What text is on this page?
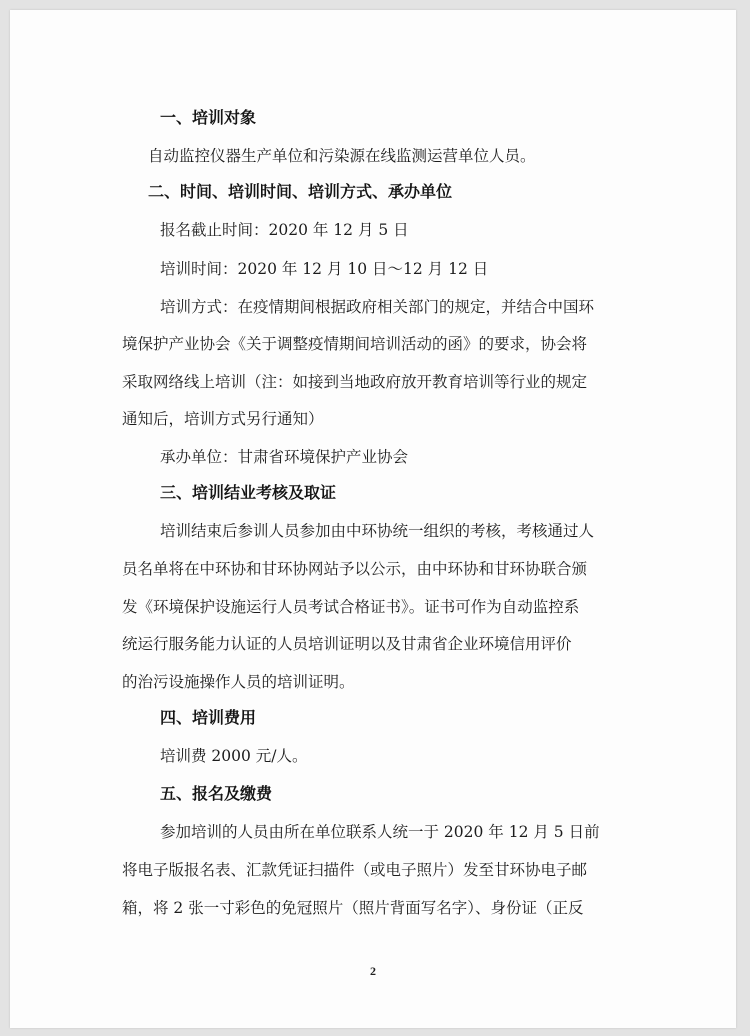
一、培训对象
自动监控仪器生产单位和污染源在线监测运营单位人员。
二、时间、培训时间、培训方式、承办单位
报名截止时间：2020 年 12 月 5 日
培训时间：2020 年 12 月 10 日～12 月 12 日
培训方式：在疫情期间根据政府相关部门的规定，并结合中国环
境保护产业协会《关于调整疫情期间培训活动的函》的要求，协会将
采取网络线上培训（注：如接到当地政府放开教育培训等行业的规定
通知后，培训方式另行通知）
承办单位：甘肃省环境保护产业协会
三、培训结业考核及取证
培训结束后参训人员参加由中环协统一组织的考核，考核通过人
员名单将在中环协和甘环协网站予以公示，由中环协和甘环协联合颁
发《环境保护设施运行人员考试合格证书》。证书可作为自动监控系
统运行服务能力认证的人员培训证明以及甘肃省企业环境信用评价
的治污设施操作人员的培训证明。
四、培训费用
培训费 2000 元/人。
五、报名及缴费
参加培训的人员由所在单位联系人统一于 2020 年 12 月 5 日前
将电子版报名表、汇款凭证扫描件（或电子照片）发至甘环协电子邮
箱，将 2 张一寸彩色的免冠照片（照片背面写名字）、身份证（正反
2
